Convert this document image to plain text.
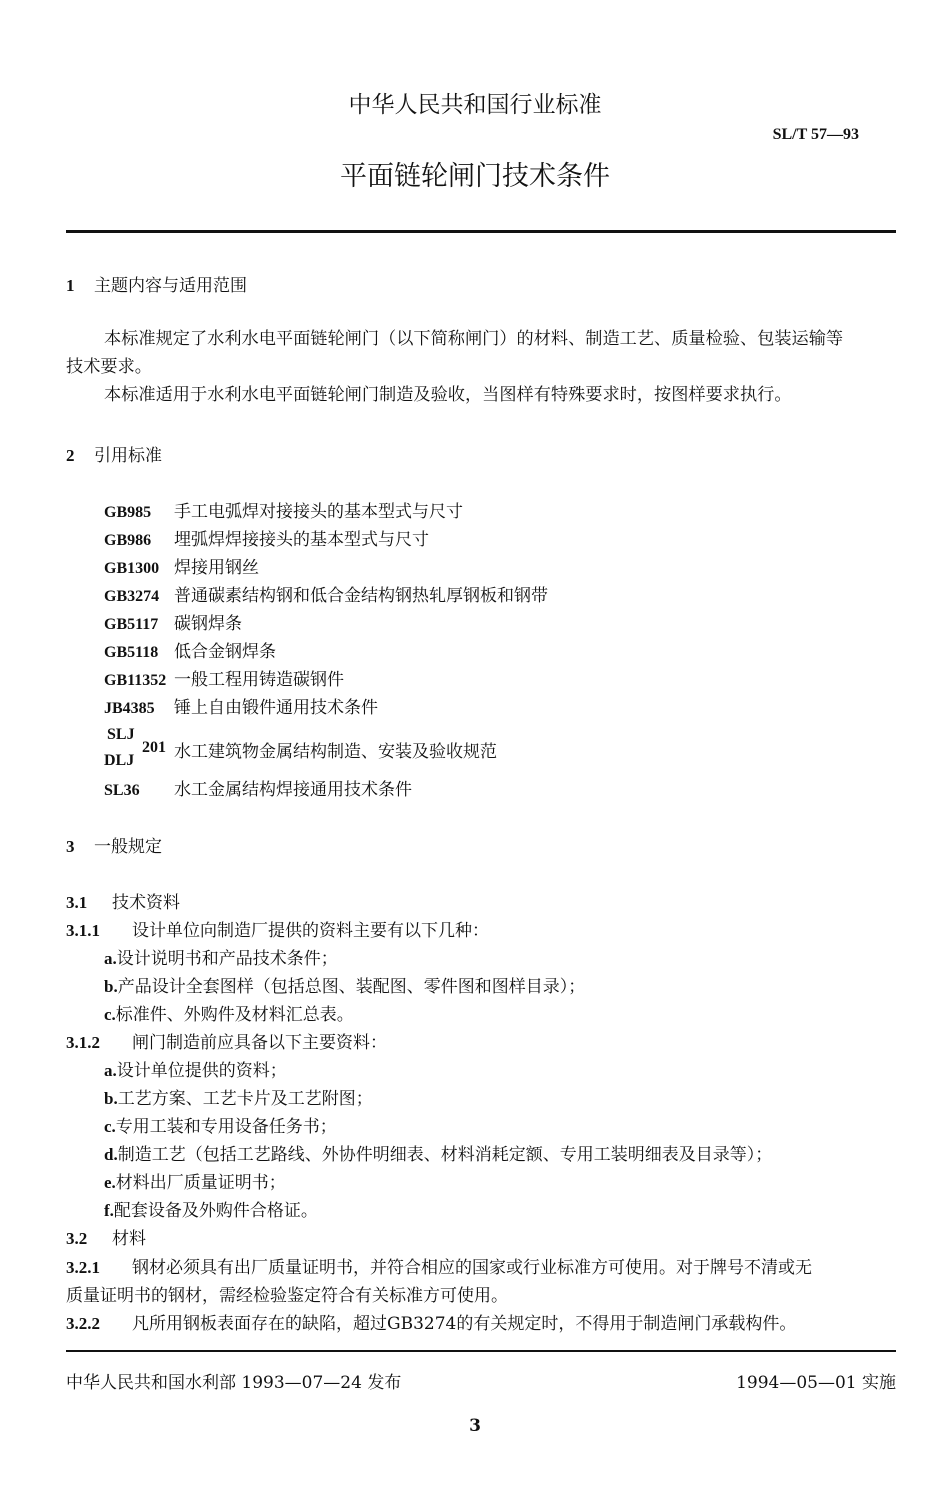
中华人民共和国行业标准
SL/T 57—93
平面链轮闸门技术条件
1 主题内容与适用范围
本标准规定了水利水电平面链轮闸门（以下简称闸门）的材料、制造工艺、质量检验、包装运输等
技术要求。
本标准适用于水利水电平面链轮闸门制造及验收，当图样有特殊要求时，按图样要求执行。
2 引用标准
GB985 手工电弧焊对接接头的基本型式与尺寸
GB986 埋弧焊焊接接头的基本型式与尺寸
GB1300 焊接用钢丝
GB3274 普通碳素结构钢和低合金结构钢热轧厚钢板和钢带
GB5117 碳钢焊条
GB5118 低合金钢焊条
GB11352 一般工程用铸造碳钢件
JB4385 锤上自由锻件通用技术条件
SLJ
DLJ
201 水工建筑物金属结构制造、安装及验收规范
SL36 水工金属结构焊接通用技术条件
3 一般规定
3.1 技术资料
3.1.1 设计单位向制造厂提供的资料主要有以下几种：
a.设计说明书和产品技术条件；
b.产品设计全套图样（包括总图、装配图、零件图和图样目录）；
c.标准件、外购件及材料汇总表。
3.1.2 闸门制造前应具备以下主要资料：
a.设计单位提供的资料；
b.工艺方案、工艺卡片及工艺附图；
c.专用工装和专用设备任务书；
d.制造工艺（包括工艺路线、外协件明细表、材料消耗定额、专用工装明细表及目录等）；
e.材料出厂质量证明书；
f.配套设备及外购件合格证。
3.2 材料
3.2.1 钢材必须具有出厂质量证明书，并符合相应的国家或行业标准方可使用。对于牌号不清或无
质量证明书的钢材，需经检验鉴定符合有关标准方可使用。
3.2.2 凡所用钢板表面存在的缺陷，超过GB3274的有关规定时，不得用于制造闸门承载构件。
中华人民共和国水利部 1993—07—24 发布	1994—05—01 实施
3
